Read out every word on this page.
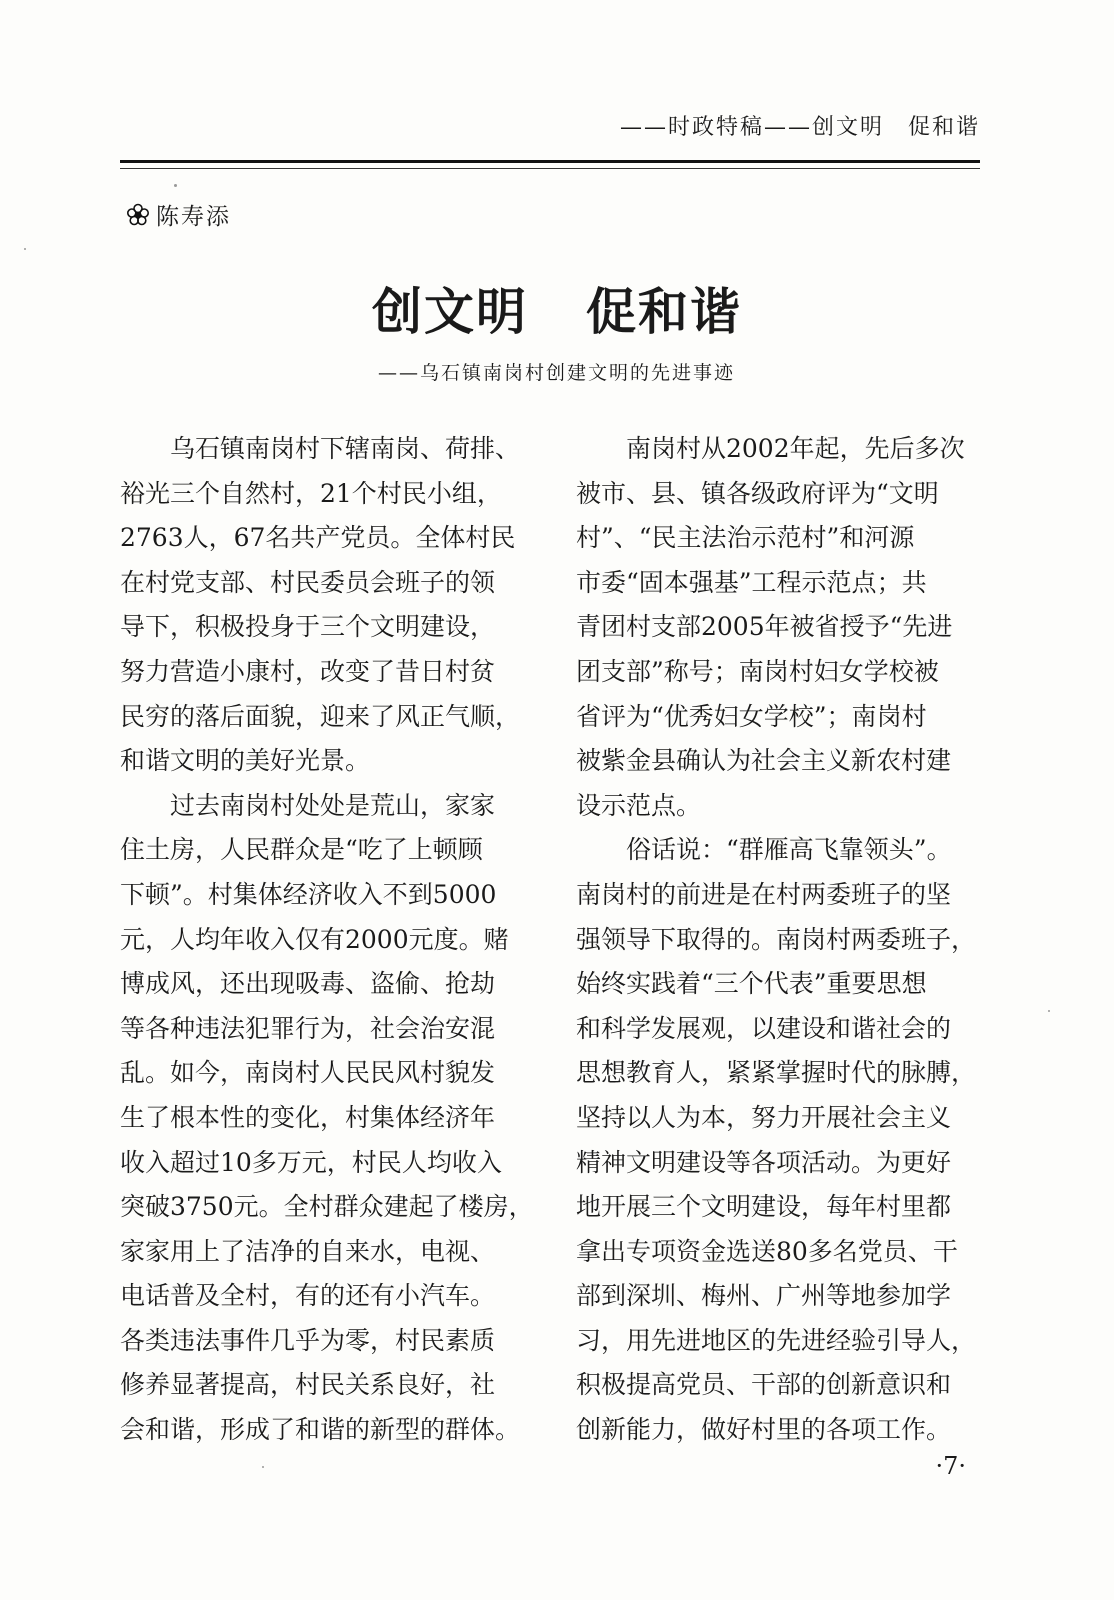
——时政特稿——创文明　促和谐
陈寿添
创文明 促和谐
——乌石镇南岗村创建文明的先进事迹
　　乌石镇南岗村下辖南岗、荷排、
裕光三个自然村，21个村民小组，
2763人，67名共产党员。全体村民
在村党支部、村民委员会班子的领
导下，积极投身于三个文明建设，
努力营造小康村，改变了昔日村贫
民穷的落后面貌，迎来了风正气顺，
和谐文明的美好光景。
　　过去南岗村处处是荒山，家家
住土房，人民群众是“吃了上顿顾
下顿”。村集体经济收入不到5000
元，人均年收入仅有2000元度。赌
博成风，还出现吸毒、盗偷、抢劫
等各种违法犯罪行为，社会治安混
乱。如今，南岗村人民民风村貌发
生了根本性的变化，村集体经济年
收入超过10多万元，村民人均收入
突破3750元。全村群众建起了楼房，
家家用上了洁净的自来水，电视、
电话普及全村，有的还有小汽车。
各类违法事件几乎为零，村民素质
修养显著提高，村民关系良好，社
会和谐，形成了和谐的新型的群体。
　　南岗村从2002年起，先后多次
被市、县、镇各级政府评为“文明
村”、“民主法治示范村”和河源
市委“固本强基”工程示范点；共
青团村支部2005年被省授予“先进
团支部”称号；南岗村妇女学校被
省评为“优秀妇女学校”；南岗村
被紫金县确认为社会主义新农村建
设示范点。
　　俗话说：“群雁高飞靠领头”。
南岗村的前进是在村两委班子的坚
强领导下取得的。南岗村两委班子，
始终实践着“三个代表”重要思想
和科学发展观，以建设和谐社会的
思想教育人，紧紧掌握时代的脉膊，
坚持以人为本，努力开展社会主义
精神文明建设等各项活动。为更好
地开展三个文明建设，每年村里都
拿出专项资金选送80多名党员、干
部到深圳、梅州、广州等地参加学
习，用先进地区的先进经验引导人，
积极提高党员、干部的创新意识和
创新能力，做好村里的各项工作。
·7·
